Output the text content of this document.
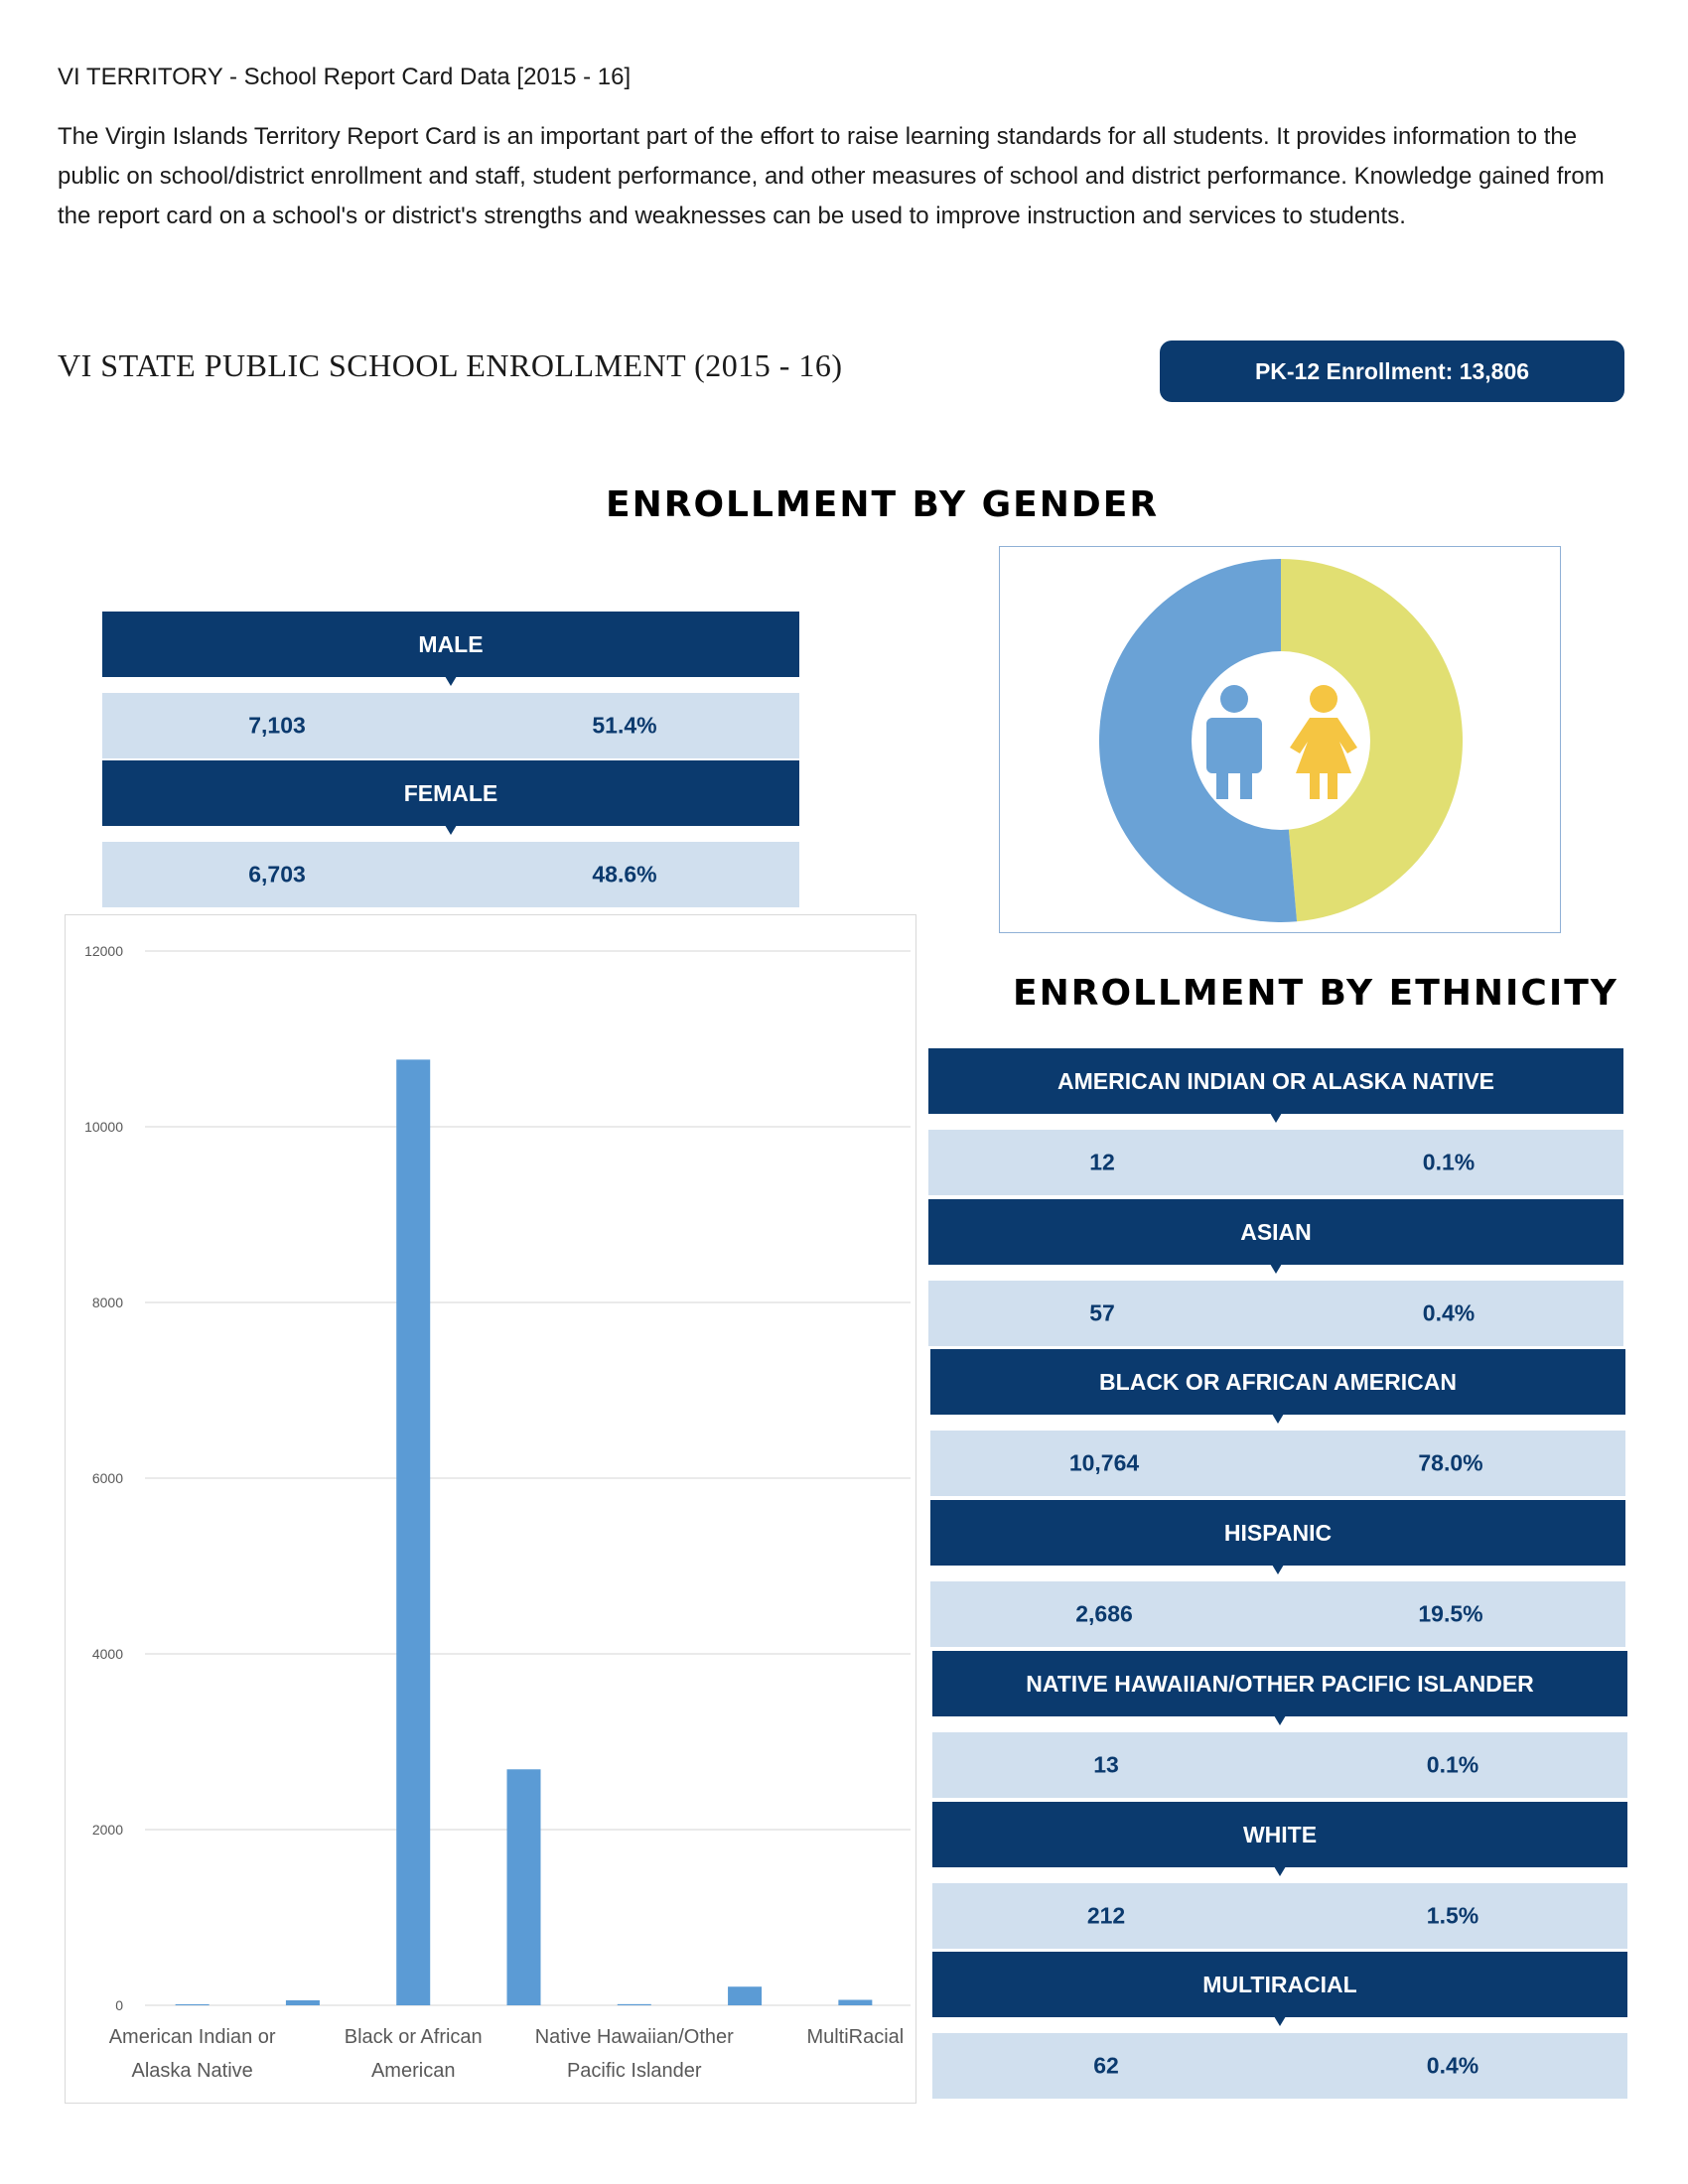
VI TERRITORY - School Report Card Data [2015 - 16]
The Virgin Islands Territory Report Card is an important part of the effort to raise learning standards for all students. It provides information to the public on school/district enrollment and staff, student performance, and other measures of school and district performance. Knowledge gained from the report card on a school's or district's strengths and weaknesses can be used to improve instruction and services to students.
VI STATE PUBLIC SCHOOL ENROLLMENT (2015 - 16)	PK-12 Enrollment: 13,806
ENROLLMENT BY GENDER
MALE
7,103	51.4%
FEMALE
6,703	48.6%
ENROLLMENT BY ETHNICITY
AMERICAN INDIAN OR ALASKA NATIVE
12	0.1%
ASIAN
57	0.4%
BLACK OR AFRICAN AMERICAN
10,764	78.0%
HISPANIC
2,686	19.5%
NATIVE HAWAIIAN/OTHER PACIFIC ISLANDER
13	0.1%
WHITE
212	1.5%
MULTIRACIAL
62	0.4%
0
2000
4000
6000
8000
10000
12000
American Indian or
Alaska Native
Black or African
American
Native Hawaiian/Other
Pacific Islander
MultiRacial
